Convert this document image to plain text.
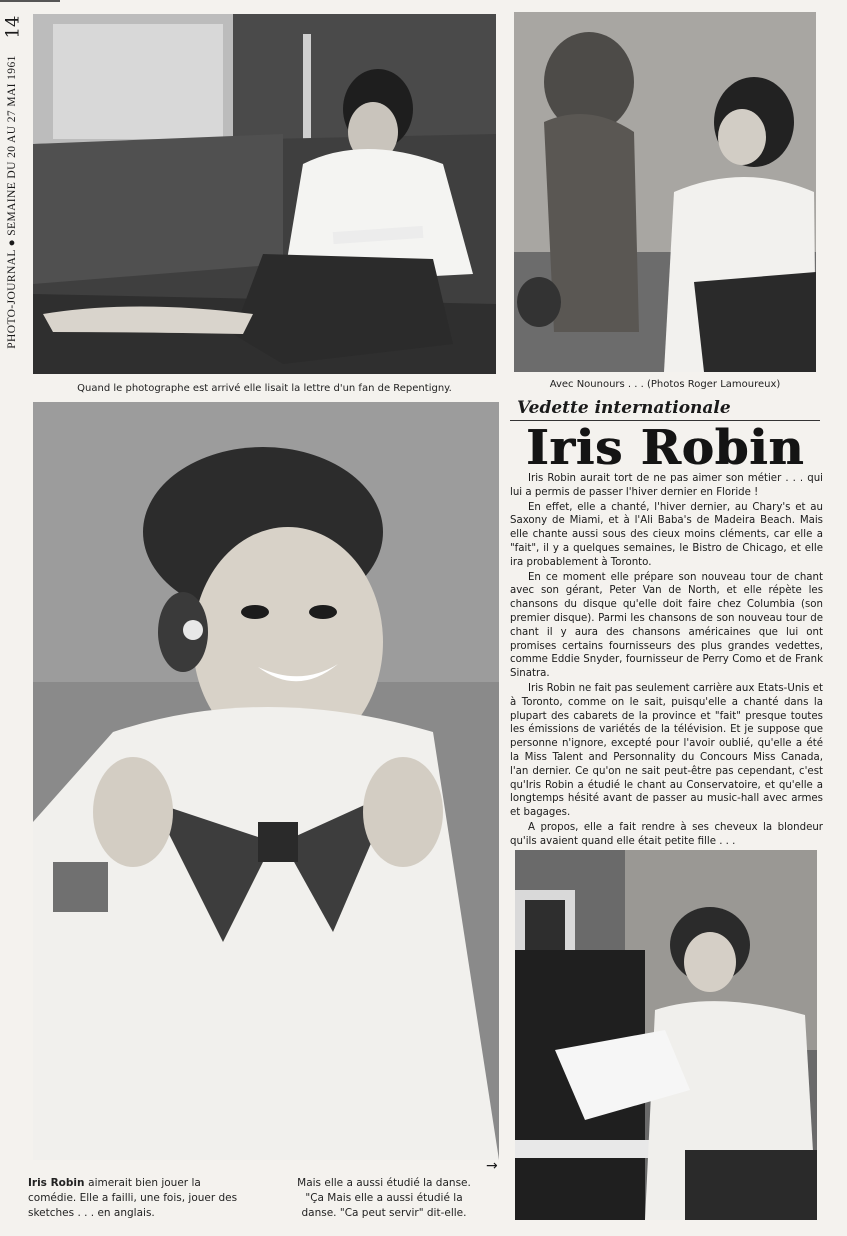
14
PHOTO-JOURNAL ● SEMAINE DU 20 AU 27 MAI 1961
Quand le photographe est arrivé elle lisait la lettre d'un fan de Repentigny.	Avec Nounours . . . (Photos Roger Lamoureux)
Vedette internationale
Iris Robin

Iris Robin aurait tort de ne pas aimer son métier . . . qui lui a permis de passer l'hiver dernier en Floride !

En effet, elle a chanté, l'hiver dernier, au Chary's et au Saxony de Miami, et à l'Ali Baba's de Madeira Beach. Mais elle chante aussi sous des cieux moins cléments, car elle a "fait", il y a quelques semaines, le Bistro de Chicago, et elle ira probablement à Toronto.

En ce moment elle prépare son nouveau tour de chant avec son gérant, Peter Van de North, et elle répète les chansons du disque qu'elle doit faire chez Columbia (son premier disque). Parmi les chansons de son nouveau tour de chant il y aura des chansons américaines que lui ont promises certains fournisseurs des plus grandes vedettes, comme Eddie Snyder, fournisseur de Perry Como et de Frank Sinatra.

Iris Robin ne fait pas seulement carrière aux Etats-Unis et à Toronto, comme on le sait, puisqu'elle a chanté dans la plupart des cabarets de la province et "fait" presque toutes les émissions de variétés de la télévision. Et je suppose que personne n'ignore, excepté pour l'avoir oublié, qu'elle a été la Miss Talent and Personnality du Concours Miss Canada, l'an dernier. Ce qu'on ne sait peut-être pas cependant, c'est qu'Iris Robin a étudié le chant au Conservatoire, et qu'elle a longtemps hésité avant de passer au music-hall avec armes et bagages.

A propos, elle a fait rendre à ses cheveux la blondeur qu'ils avaient quand elle était petite fille . . .

Iris Robin aimerait bien jouer la comédie. Elle a failli, une fois, jouer des sketches . . . en anglais.
Mais elle a aussi étudié la danse. "Ça Mais elle a aussi étudié la danse. "Ca peut servir" dit-elle.
→
